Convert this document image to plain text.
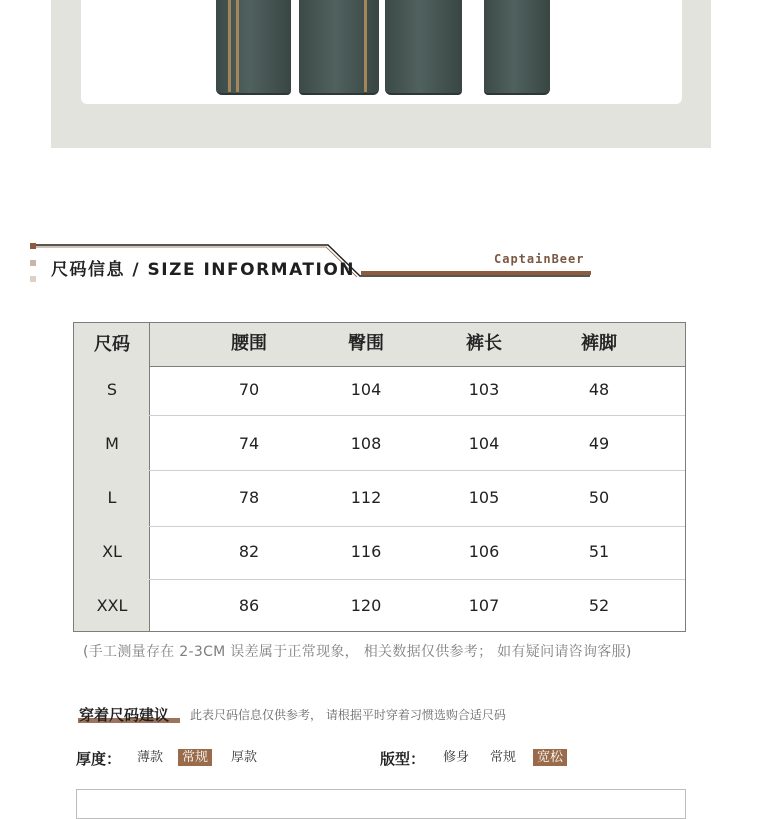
尺码信息 / SIZE INFORMATION
CaptainBeer
尺码	腰围	臀围	裤长	裤脚
S	70	104	103	48
M	74	108	104	49
L	78	112	105	50
XL	82	116	106	51
XXL	86	120	107	52
(手工测量存在 2-3CM 误差属于正常现象， 相关数据仅供参考； 如有疑问请咨询客服)
穿着尺码建议 此表尺码信息仅供参考， 请根据平时穿着习惯选购合适尺码
厚度：	薄款	常规	厚款	版型：	修身	常规	宽松
